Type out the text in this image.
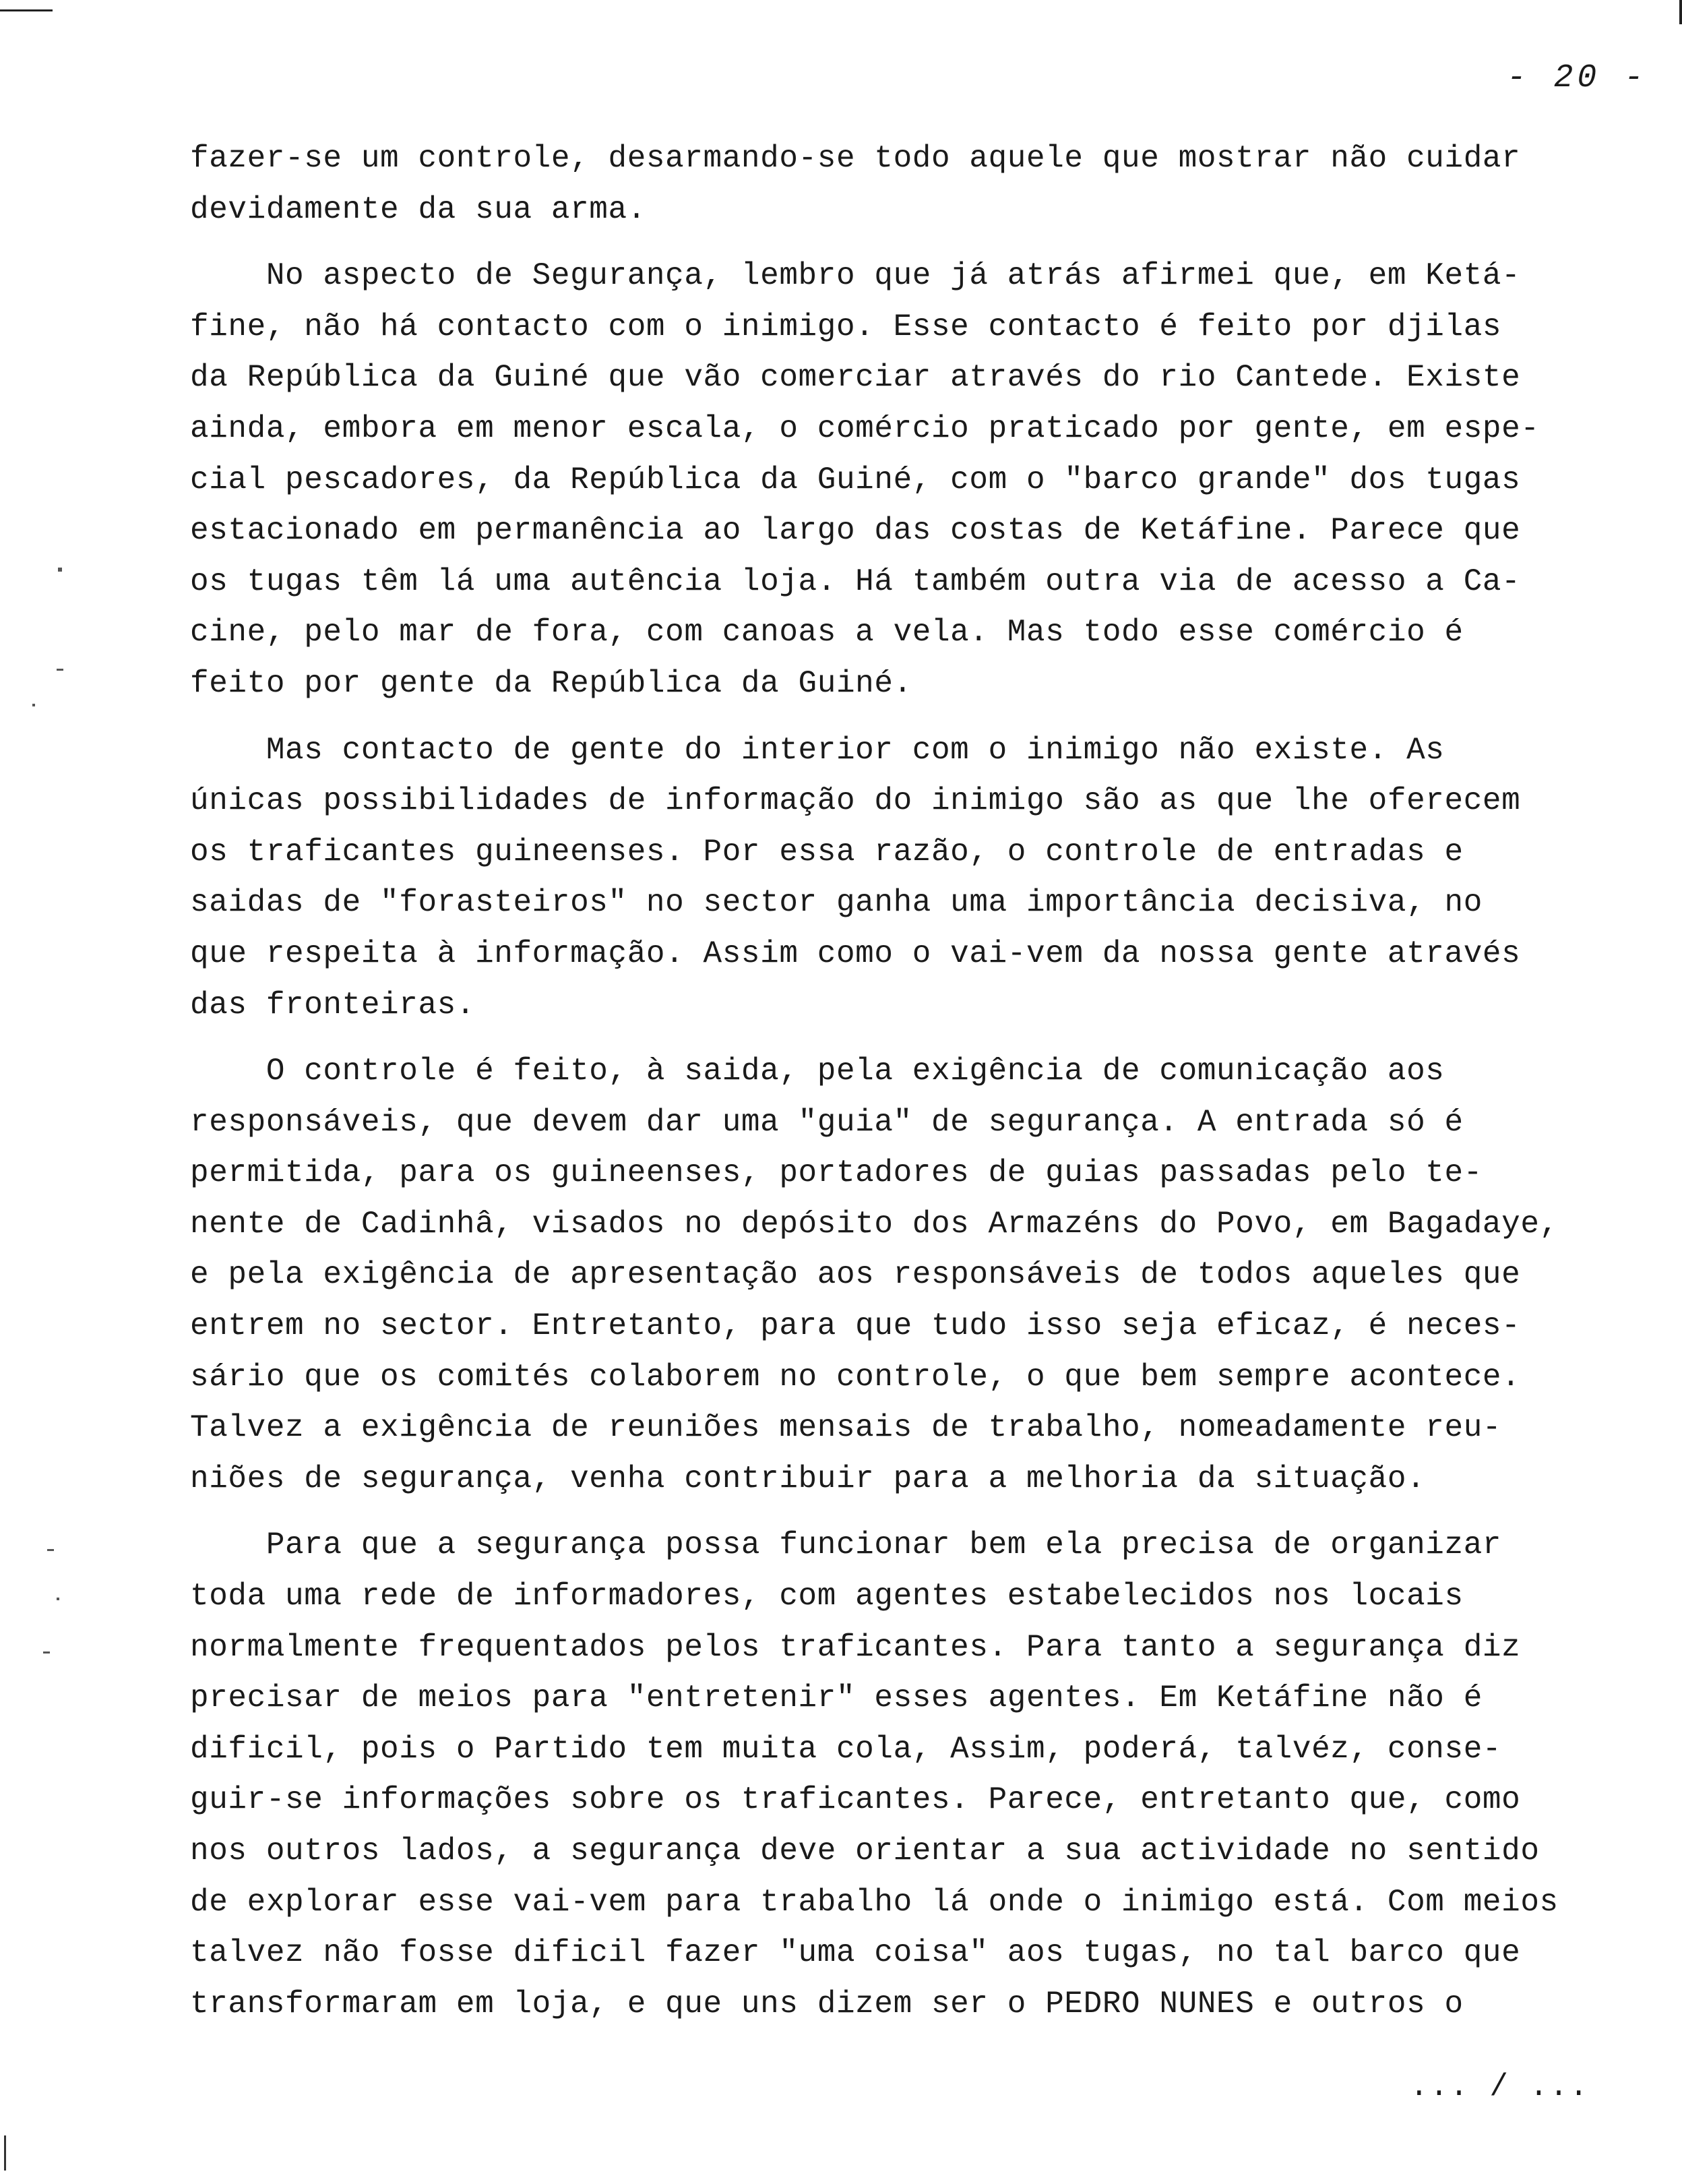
- 20 -

fazer-se um controle, desarmando-se todo aquele que mostrar não cuidar
devidamente da sua arma.

No aspecto de Segurança, lembro que já atrás afirmei que, em Ketá-
fine, não há contacto com o inimigo. Esse contacto é feito por djilas
da República da Guiné que vão comerciar através do rio Cantede. Existe
ainda, embora em menor escala, o comércio praticado por gente, em espe-
cial pescadores, da República da Guiné, com o "barco grande" dos tugas
estacionado em permanência ao largo das costas de Ketáfine. Parece que
os tugas têm lá uma autência loja. Há também outra via de acesso a Ca-
cine, pelo mar de fora, com canoas a vela. Mas todo esse comércio é
feito por gente da República da Guiné.

Mas contacto de gente do interior com o inimigo não existe. As
únicas possibilidades de informação do inimigo são as que lhe oferecem
os traficantes guineenses. Por essa razão, o controle de entradas e
saidas de "forasteiros" no sector ganha uma importância decisiva, no
que respeita à informação. Assim como o vai-vem da nossa gente através
das fronteiras.

O controle é feito, à saida, pela exigência de comunicação aos
responsáveis, que devem dar uma "guia" de segurança. A entrada só é
permitida, para os guineenses, portadores de guias passadas pelo te-
nente de Cadinhâ, visados no depósito dos Armazéns do Povo, em Bagadaye,
e pela exigência de apresentação aos responsáveis de todos aqueles que
entrem no sector. Entretanto, para que tudo isso seja eficaz, é neces-
sário que os comités colaborem no controle, o que bem sempre acontece.
Talvez a exigência de reuniões mensais de trabalho, nomeadamente reu-
niões de segurança, venha contribuir para a melhoria da situação.

Para que a segurança possa funcionar bem ela precisa de organizar
toda uma rede de informadores, com agentes estabelecidos nos locais
normalmente frequentados pelos traficantes. Para tanto a segurança diz
precisar de meios para "entretenir" esses agentes. Em Ketáfine não é
dificil, pois o Partido tem muita cola, Assim, poderá, talvéz, conse-
guir-se informações sobre os traficantes. Parece, entretanto que, como
nos outros lados, a segurança deve orientar a sua actividade no sentido
de explorar esse vai-vem para trabalho lá onde o inimigo está. Com meios
talvez não fosse dificil fazer "uma coisa" aos tugas, no tal barco que
transformaram em loja, e que uns dizem ser o PEDRO NUNES e outros o

... / ...
